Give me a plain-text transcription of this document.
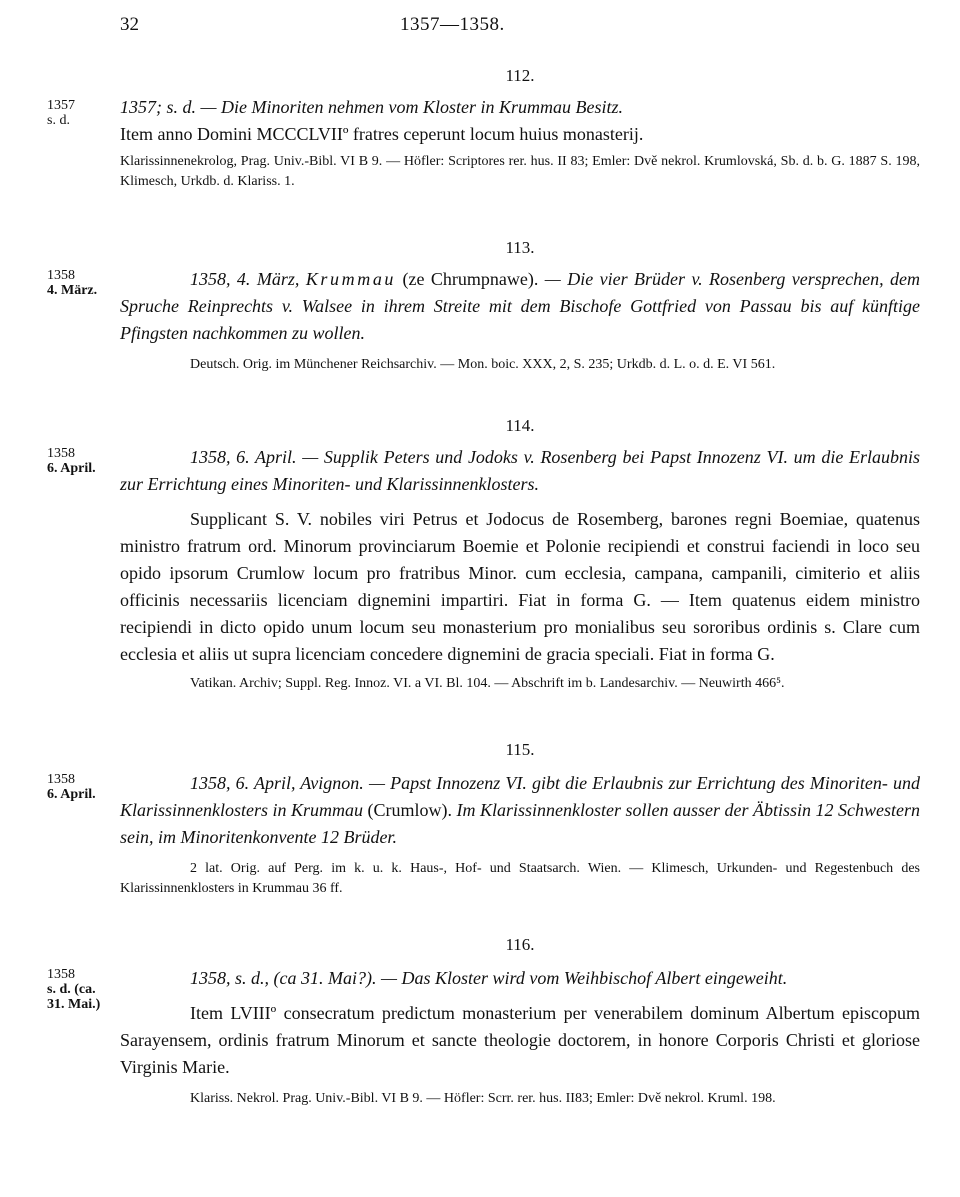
32	1357—1358.
112.
1357
s. d.
1357; s. d. — Die Minoriten nehmen vom Kloster in Krummau Besitz.
Item anno Domini MCCCLVIIº fratres ceperunt locum huius monasterij.
Klarissinnenekrolog, Prag. Univ.-Bibl. VI B 9. — Höfler: Scriptores rer. hus. II 83; Emler: Dvě nekrol. Krumlovská, Sb. d. b. G. 1887 S. 198, Klimesch, Urkdb. d. Klariss. 1.
113.
1358
4. März.
1358, 4. März, Krummau (ze Chrumpnawe). — Die vier Brüder v. Rosenberg versprechen, dem Spruche Reinprechts v. Walsee in ihrem Streite mit dem Bischofe Gottfried von Passau bis auf künftige Pfingsten nachkommen zu wollen.
Deutsch. Orig. im Münchener Reichsarchiv. — Mon. boic. XXX, 2, S. 235; Urkdb. d. L. o. d. E. VI 561.
114.
1358
6. April.
1358, 6. April. — Supplik Peters und Jodoks v. Rosenberg bei Papst Innozenz VI. um die Erlaubnis zur Errichtung eines Minoriten- und Klarissinnenklosters.
Supplicant S. V. nobiles viri Petrus et Jodocus de Rosemberg, barones regni Boemiae, quatenus ministro fratrum ord. Minorum provinciarum Boemie et Polonie recipiendi et construi faciendi in loco seu opido ipsorum Crumlow locum pro fratribus Minor. cum ecclesia, campana, campanili, cimiterio et aliis officinis necessariis licenciam dignemini impartiri. Fiat in forma G. — Item quatenus eidem ministro recipiendi in dicto opido unum locum seu monasterium pro monialibus seu sororibus ordinis s. Clare cum ecclesia et aliis ut supra licenciam concedere dignemini de gracia speciali. Fiat in forma G.
Vatikan. Archiv; Suppl. Reg. Innoz. VI. a VI. Bl. 104. — Abschrift im b. Landesarchiv. — Neuwirth 466⁵.
115.
1358
6. April.
1358, 6. April, Avignon. — Papst Innozenz VI. gibt die Erlaubnis zur Errichtung des Minoriten- und Klarissinnenklosters in Krummau (Crumlow). Im Klarissinnenkloster sollen ausser der Äbtissin 12 Schwestern sein, im Minoritenkonvente 12 Brüder.
2 lat. Orig. auf Perg. im k. u. k. Haus-, Hof- und Staatsarch. Wien. — Klimesch, Urkunden- und Regestenbuch des Klarissinnenklosters in Krummau 36 ff.
116.
1358
s. d. (ca. 31. Mai.)
1358, s. d., (ca 31. Mai?). — Das Kloster wird vom Weihbischof Albert eingeweiht.
Item LVIIIº consecratum predictum monasterium per venerabilem dominum Albertum episcopum Sarayensem, ordinis fratrum Minorum et sancte theologie doctorem, in honore Corporis Christi et gloriose Virginis Marie.
Klariss. Nekrol. Prag. Univ.-Bibl. VI B 9. — Höfler: Scrr. rer. hus. II83; Emler: Dvě nekrol. Kruml. 198.
